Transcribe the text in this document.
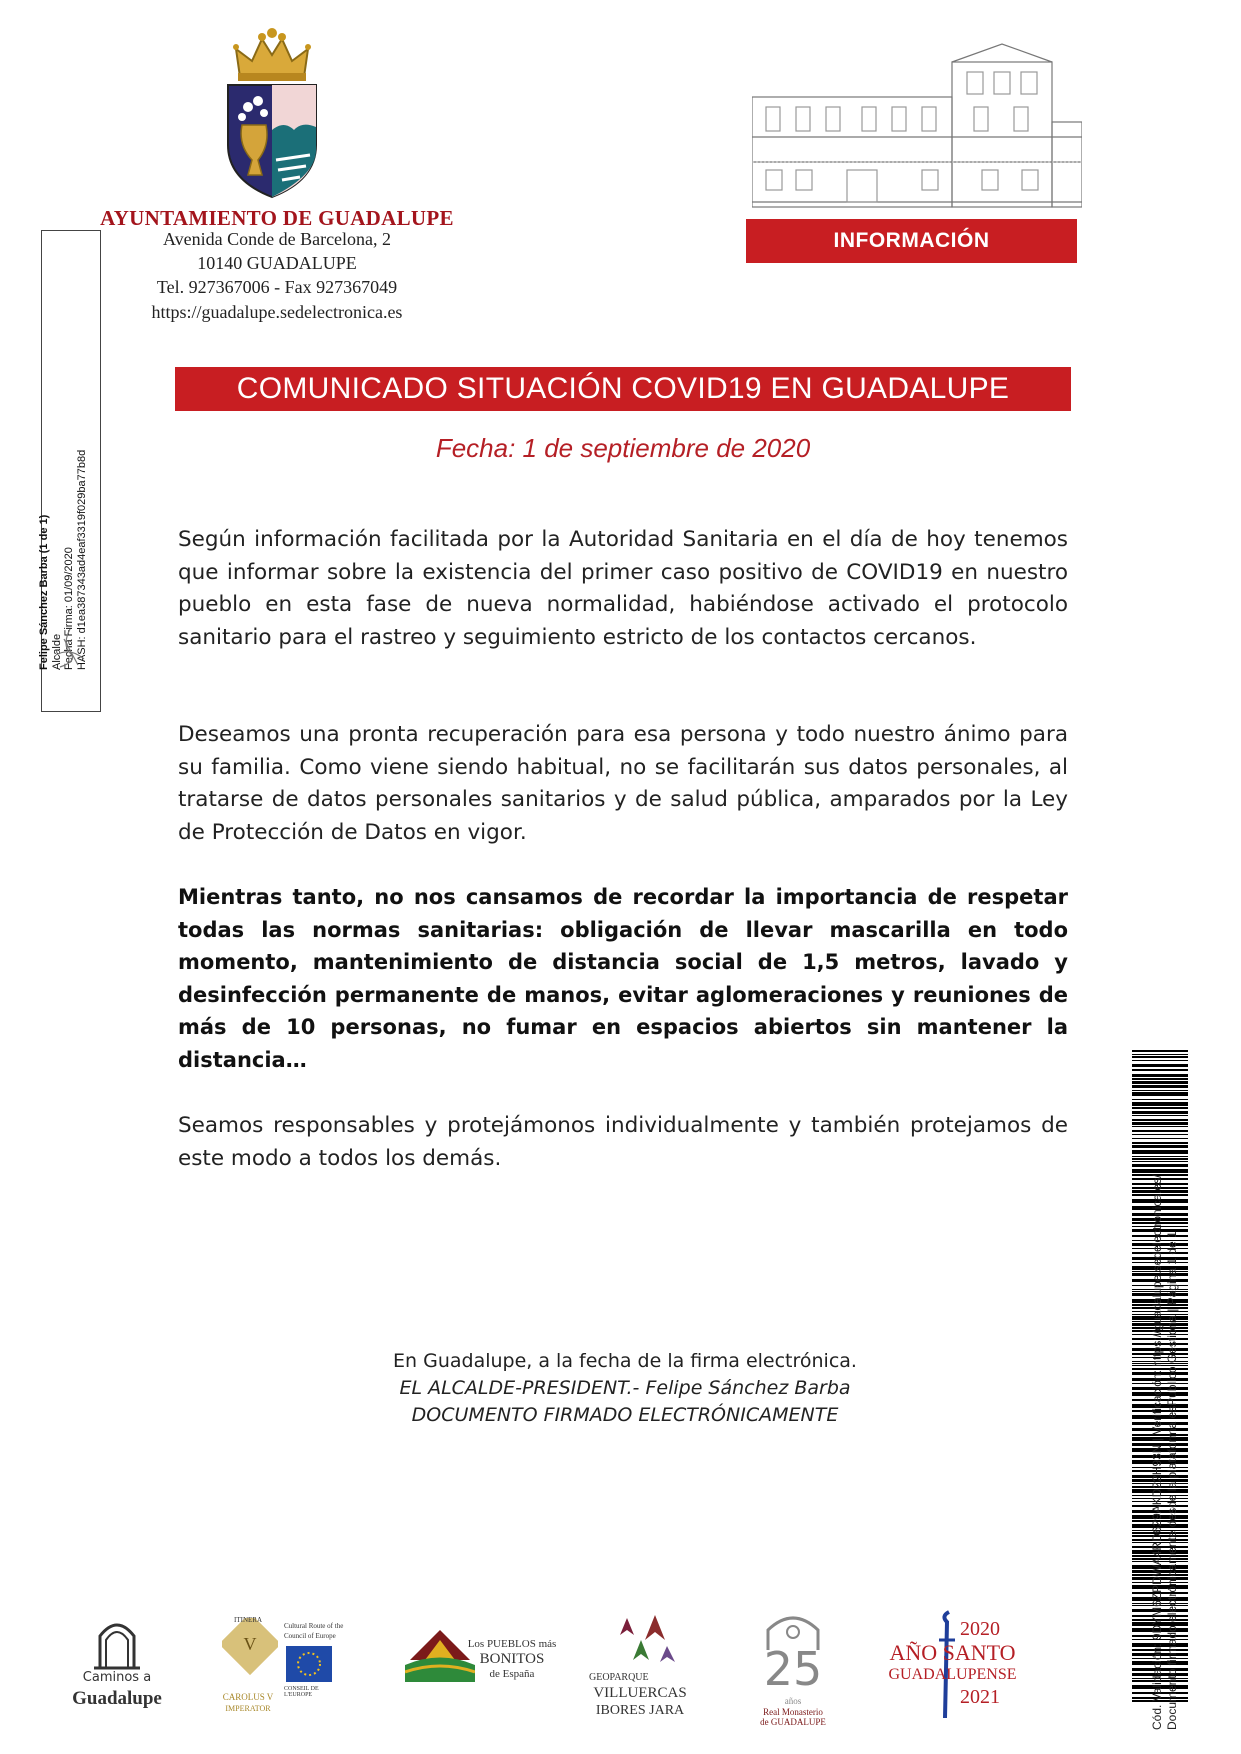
AYUNTAMIENTO DE GUADALUPE
Avenida Conde de Barcelona, 2
10140 GUADALUPE
Tel. 927367006 - Fax 927367049
https://guadalupe.sedelectronica.es
INFORMACIÓN
Felipe Sánchez Barba (1 de 1) Alcalde Fecha Firma: 01/09/2020 HASH: d1ea387343ad4eaf3319f029ba77b8d
COMUNICADO SITUACIÓN COVID19 EN GUADALUPE
Fecha: 1 de septiembre de 2020

Según información facilitada por la Autoridad Sanitaria en el día de hoy tenemos que informar sobre la existencia del primer caso positivo de COVID19 en nuestro pueblo en esta fase de nueva normalidad, habiéndose activado el protocolo sanitario para el rastreo y seguimiento estricto de los contactos cercanos.

Deseamos una pronta recuperación para esa persona y todo nuestro ánimo para su familia. Como viene siendo habitual, no se facilitarán sus datos personales, al tratarse de datos personales sanitarios y de salud pública, amparados por la Ley de Protección de Datos en vigor.

Mientras tanto, no nos cansamos de recordar la importancia de respetar todas las normas sanitarias: obligación de llevar mascarilla en todo momento, mantenimiento de distancia social de 1,5 metros, lavado y desinfección permanente de manos, evitar aglomeraciones y reuniones de más de 10 personas, no fumar en espacios abiertos sin mantener la distancia…

Seamos responsables y protejámonos individualmente y también protejamos de este modo a todos los demás.

En Guadalupe, a la fecha de la firma electrónica.
EL ALCALDE-PRESIDENT.- Felipe Sánchez Barba
DOCUMENTO FIRMADO ELECTRÓNICAMENTE	Cód. Validación: 9DYM6ZPDWA4RD629AKD22H93N | Verificación: https://guadalupe.sedelectronica.es/ Documento firmado electrónicamente desde la plataforma esPublico Gestiona | Página 1 de 1
Caminos a
Guadalupe
V
ITINERA
CAROLUS V
IMPERATOR
Cultural Route of the
Council of Europe
CONSEIL DE L'EUROPE
Los PUEBLOS más
BONITOS
de España	GEOPARQUE
VILLUERCAS
IBORES JARA
25
años
Real Monasterio
de GUADALUPE
2020
AÑO SANTO
GUADALUPENSE
2021
